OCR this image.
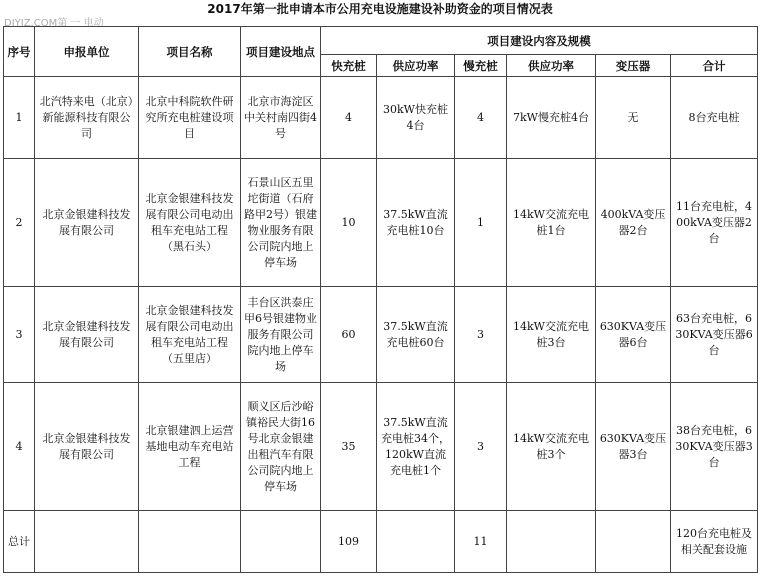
2017年第一批申请本市公用充电设施建设补助资金的项目情况表
DIYIZ.COM第 一 电动
序号	申报单位	项目名称	项目建设地点	项目建设内容及规模					
				快充桩	供应功率	慢充桩	供应功率	变压器	合计
1	北汽特来电（北京）新能源科技有限公司	北京中科院软件研究所充电桩建设项目	北京市海淀区中关村南四街4号	4	30kW快充桩4台	4	7kW慢充桩4台	无	8台充电桩
2	北京金银建科技发展有限公司	北京金银建科技发展有限公司电动出租车充电站工程（黑石头）	石景山区五里坨街道（石府路甲2号）银建物业服务有限公司院内地上停车场	10	37.5kW直流充电桩10台	1	14kW交流充电桩1台	400kVA变压器2台	11台充电桩，400kVA变压器2台
3	北京金银建科技发展有限公司	北京金银建科技发展有限公司电动出租车充电站工程（五里店）	丰台区洪泰庄甲6号银建物业服务有限公司院内地上停车场	60	37.5kW直流充电桩60台	3	14kW交流充电桩3台	630KVA变压器6台	63台充电桩，630KVA变压器6台
4	北京金银建科技发展有限公司	北京银建泗上运营基地电动车充电站工程	顺义区后沙峪镇裕民大街16号北京金银建出租汽车有限公司院内地上停车场	35	37.5kW直流充电桩34个，120kW直流充电桩1个	3	14kW交流充电桩3个	630KVA变压器3台	38台充电桩，630KVA变压器3台
总计				109		11			120台充电桩及相关配套设施
